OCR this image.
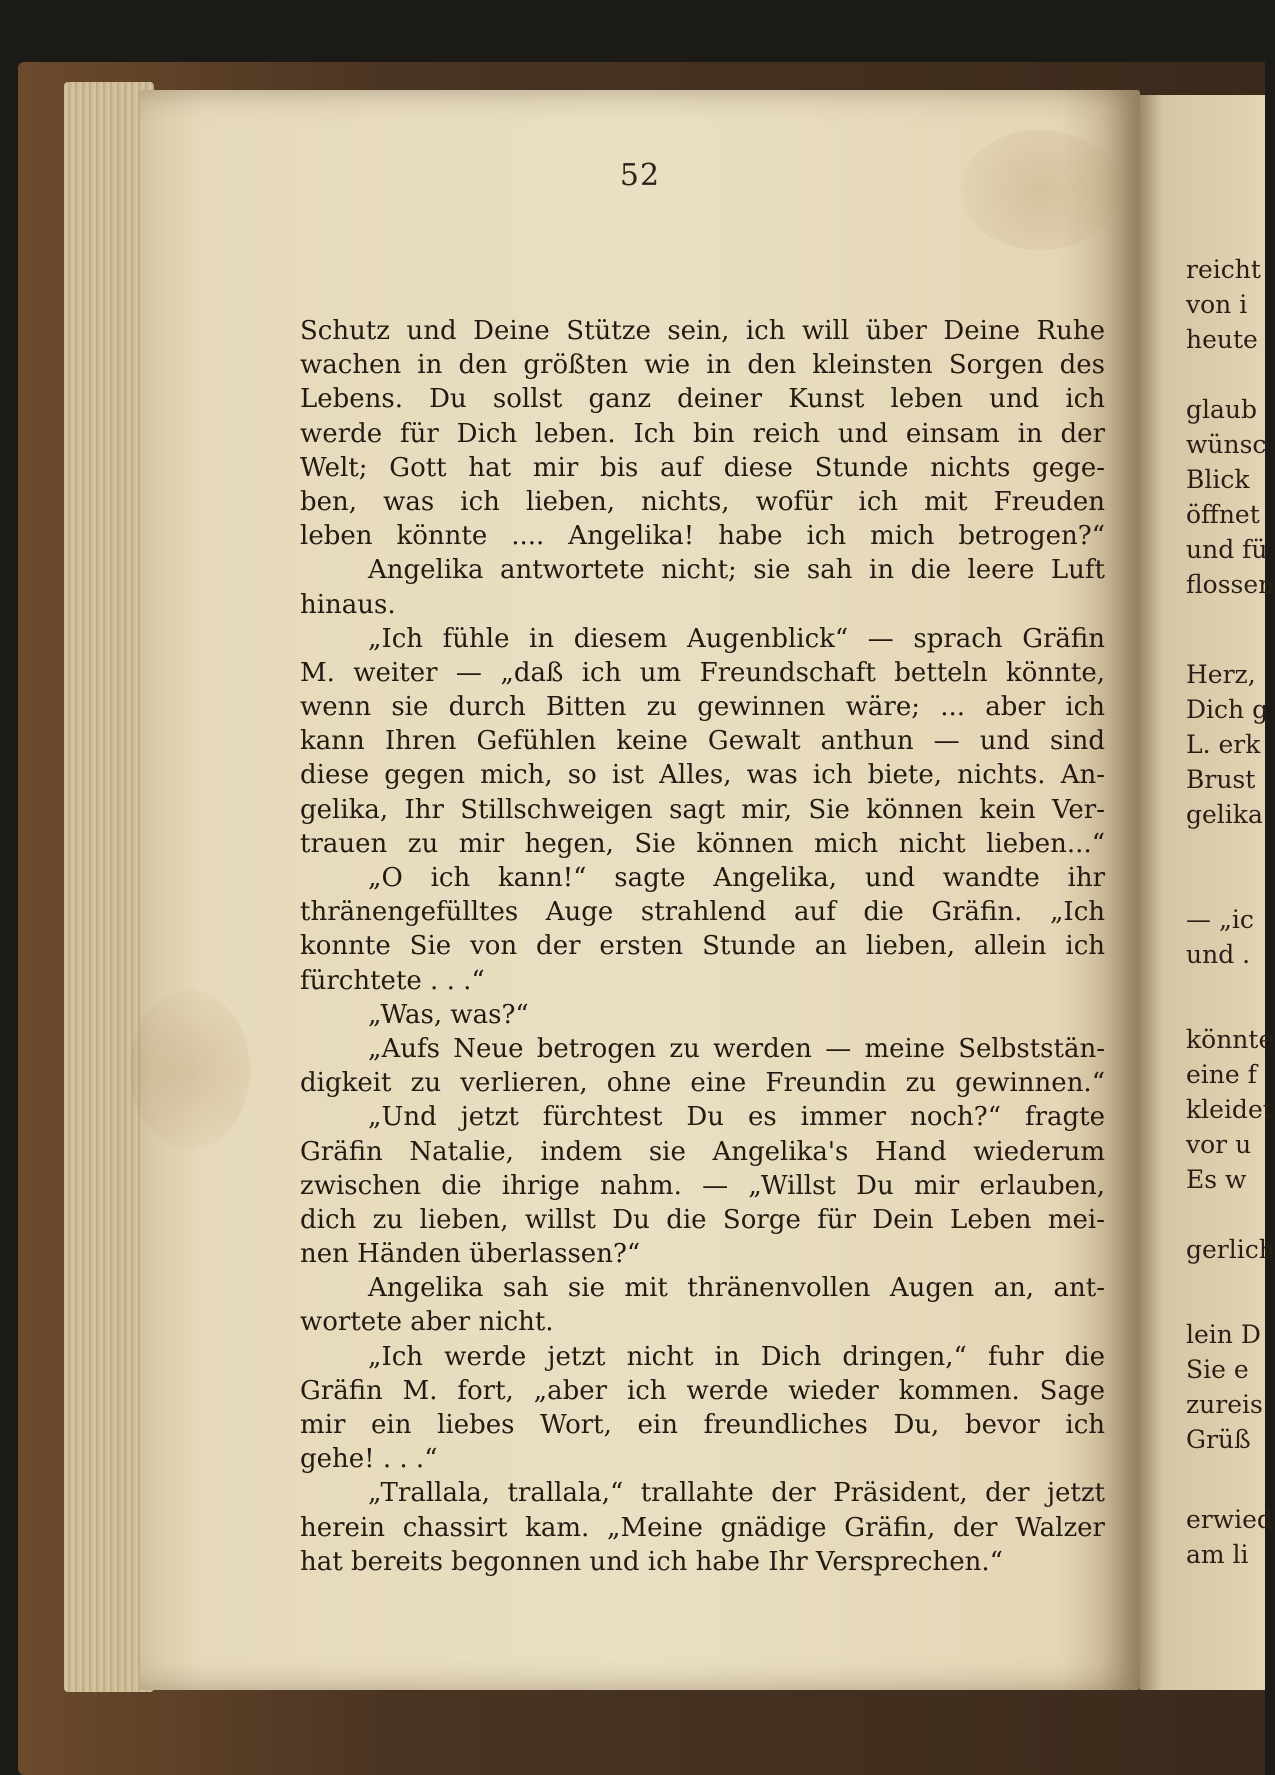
52
Schutz und Deine Stütze sein, ich will über Deine Ruhe
wachen in den größten wie in den kleinsten Sorgen des
Lebens. Du sollst ganz deiner Kunst leben und ich
werde für Dich leben. Ich bin reich und einsam in der
Welt; Gott hat mir bis auf diese Stunde nichts gege-
ben, was ich lieben, nichts, wofür ich mit Freuden
leben könnte .... Angelika! habe ich mich betrogen?“
Angelika antwortete nicht; sie sah in die leere Luft
hinaus.
„Ich fühle in diesem Augenblick“ — sprach Gräfin
M. weiter — „daß ich um Freundschaft betteln könnte,
wenn sie durch Bitten zu gewinnen wäre; ... aber ich
kann Ihren Gefühlen keine Gewalt anthun — und sind
diese gegen mich, so ist Alles, was ich biete, nichts. An-
gelika, Ihr Stillschweigen sagt mir, Sie können kein Ver-
trauen zu mir hegen, Sie können mich nicht lieben...“
„O ich kann!“ sagte Angelika, und wandte ihr
thränengefülltes Auge strahlend auf die Gräfin. „Ich
konnte Sie von der ersten Stunde an lieben, allein ich
fürchtete . . .“
„Was, was?“
„Aufs Neue betrogen zu werden — meine Selbststän-
digkeit zu verlieren, ohne eine Freundin zu gewinnen.“
„Und jetzt fürchtest Du es immer noch?“ fragte
Gräfin Natalie, indem sie Angelika's Hand wiederum
zwischen die ihrige nahm. — „Willst Du mir erlauben,
dich zu lieben, willst Du die Sorge für Dein Leben mei-
nen Händen überlassen?“
Angelika sah sie mit thränenvollen Augen an, ant-
wortete aber nicht.
„Ich werde jetzt nicht in Dich dringen,“ fuhr die
Gräfin M. fort, „aber ich werde wieder kommen. Sage
mir ein liebes Wort, ein freundliches Du, bevor ich
gehe! . . .“
„Trallala, trallala,“ trallahte der Präsident, der jetzt
herein chassirt kam. „Meine gnädige Gräfin, der Walzer
hat bereits begonnen und ich habe Ihr Versprechen.“
reicht
von i
heute
glaub
wünsc
Blick
öffnet
und fü
flossen
Herz,
Dich g
L. erk
Brust
gelika
— „ic
und .
könnte
eine f
kleidet
vor u
Es w
gerlich
lein D
Sie e
zureis
Grüß
erwied
am li
